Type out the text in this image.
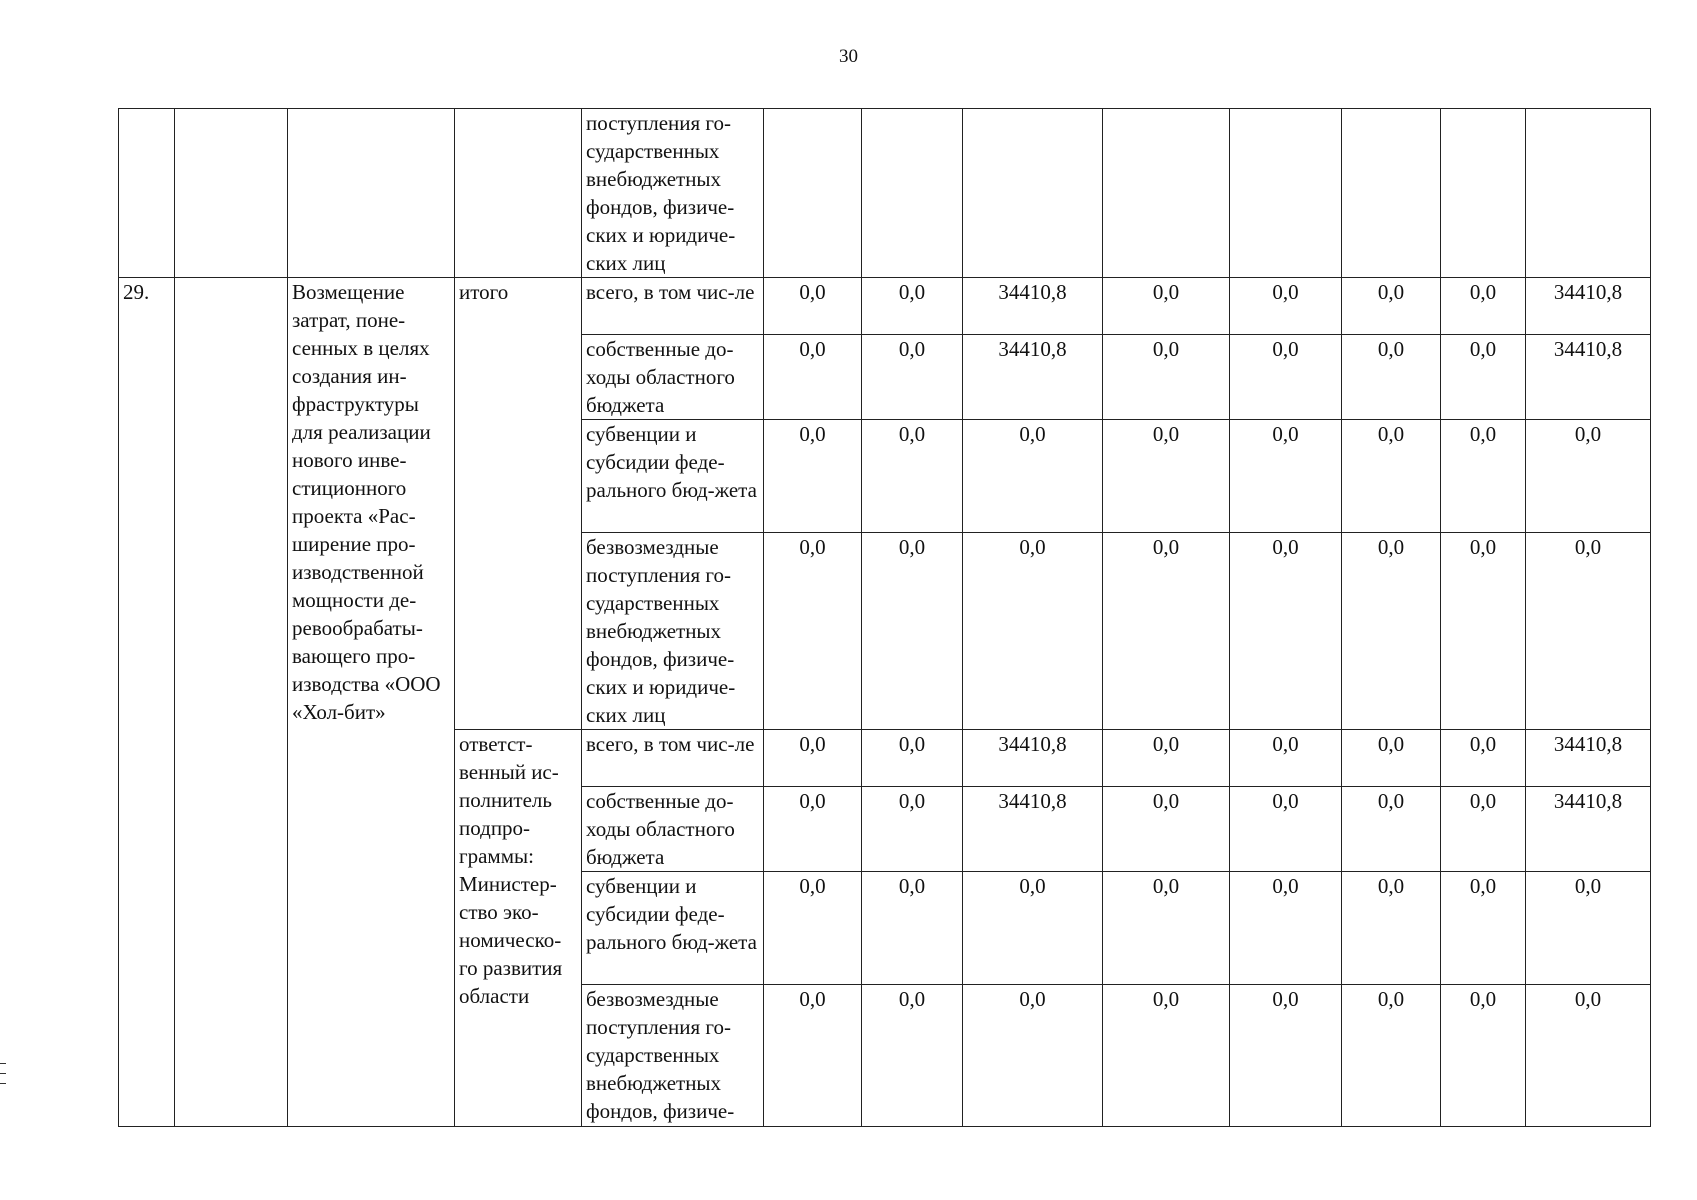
30
				поступления го-сударственных внебюджетных фондов, физиче-ских и юридиче-ских лиц								
29.		Возмещение затрат, поне-сенных в целях создания ин-фраструктуры для реализации нового инве-стиционного проекта «Рас-ширение про-изводственной мощности де-ревообрабаты-вающего про-изводства «ООО «Хол-бит»	итого	всего, в том чис-ле	0,0	0,0	34410,8	0,0	0,0	0,0	0,0	34410,8
				собственные до-ходы областного бюджета	0,0	0,0	34410,8	0,0	0,0	0,0	0,0	34410,8
				субвенции и субсидии феде-рального бюд-жета	0,0	0,0	0,0	0,0	0,0	0,0	0,0	0,0
				безвозмездные поступления го-сударственных внебюджетных фондов, физиче-ских и юридиче-ских лиц	0,0	0,0	0,0	0,0	0,0	0,0	0,0	0,0
			ответст-венный ис-полнитель подпро-граммы: Министер-ство эко-номическо-го развития области	всего, в том чис-ле	0,0	0,0	34410,8	0,0	0,0	0,0	0,0	34410,8
				собственные до-ходы областного бюджета	0,0	0,0	34410,8	0,0	0,0	0,0	0,0	34410,8
				субвенции и субсидии феде-рального бюд-жета	0,0	0,0	0,0	0,0	0,0	0,0	0,0	0,0
				безвозмездные поступления го-сударственных внебюджетных фондов, физиче-	0,0	0,0	0,0	0,0	0,0	0,0	0,0	0,0
